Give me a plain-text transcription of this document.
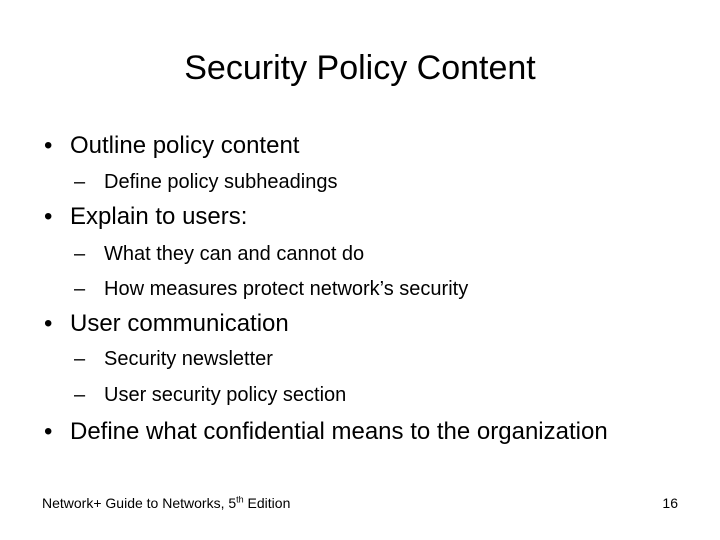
Security Policy Content
• Outline policy content
– Define policy subheadings
• Explain to users:
– What they can and cannot do
– How measures protect network’s security
• User communication
– Security newsletter
– User security policy section
• Define what confidential means to the organization
Network+ Guide to Networks, 5th Edition	16
